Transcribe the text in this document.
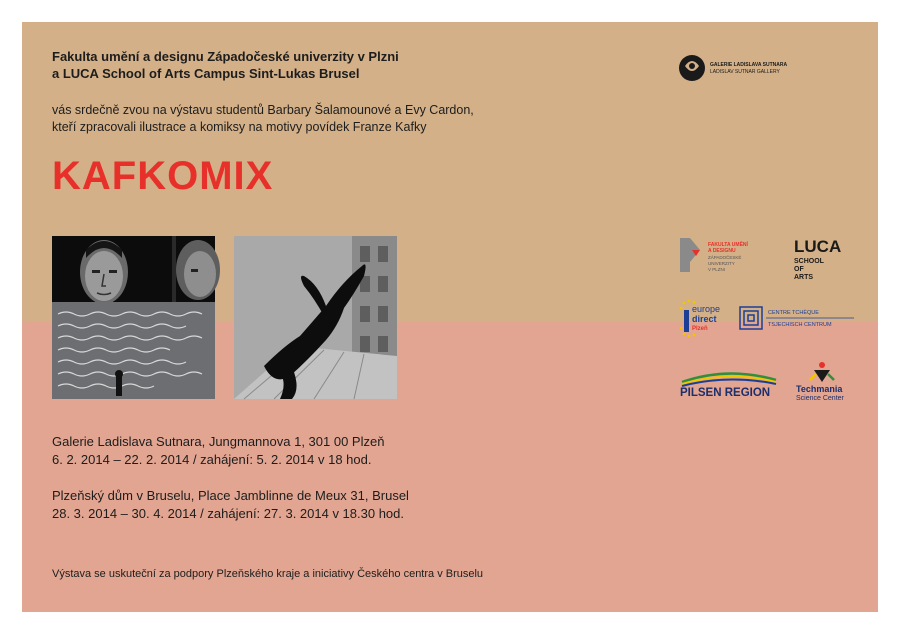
Fakulta umění a designu Západočeské univerzity v Plzni
a LUCA School of Arts Campus Sint-Lukas Brusel
vás srdečně zvou na výstavu studentů Barbary Šalamounové a Evy Cardon,
kteří zpracovali ilustrace a komiksy na motivy povídek Franze Kafky
KAFKOMIX
GALERIE LADISLAVA SUTNARA
LADISLAV SUTNAR GALLERY
FAKULTA UMĚNÍ
A DESIGNU
ZÁPADOČESKÉ
UNIVERZITY
V PLZNI
LUCA
SCHOOL
OF
ARTS
europe
direct
Plzeň
CENTRE TCHÈQUE
TSJECHISCH CENTRUM
PILSEN REGION	Techmania
Science Center
Galerie Ladislava Sutnara, Jungmannova 1, 301 00 Plzeň
6. 2. 2014 – 22. 2. 2014 / zahájení: 5. 2. 2014 v 18 hod.
Plzeňský dům v Bruselu, Place Jamblinne de Meux 31, Brusel
28. 3. 2014 – 30. 4. 2014 / zahájení: 27. 3. 2014 v 18.30 hod.
Výstava se uskuteční za podpory Plzeňského kraje a iniciativy Českého centra v Bruselu
